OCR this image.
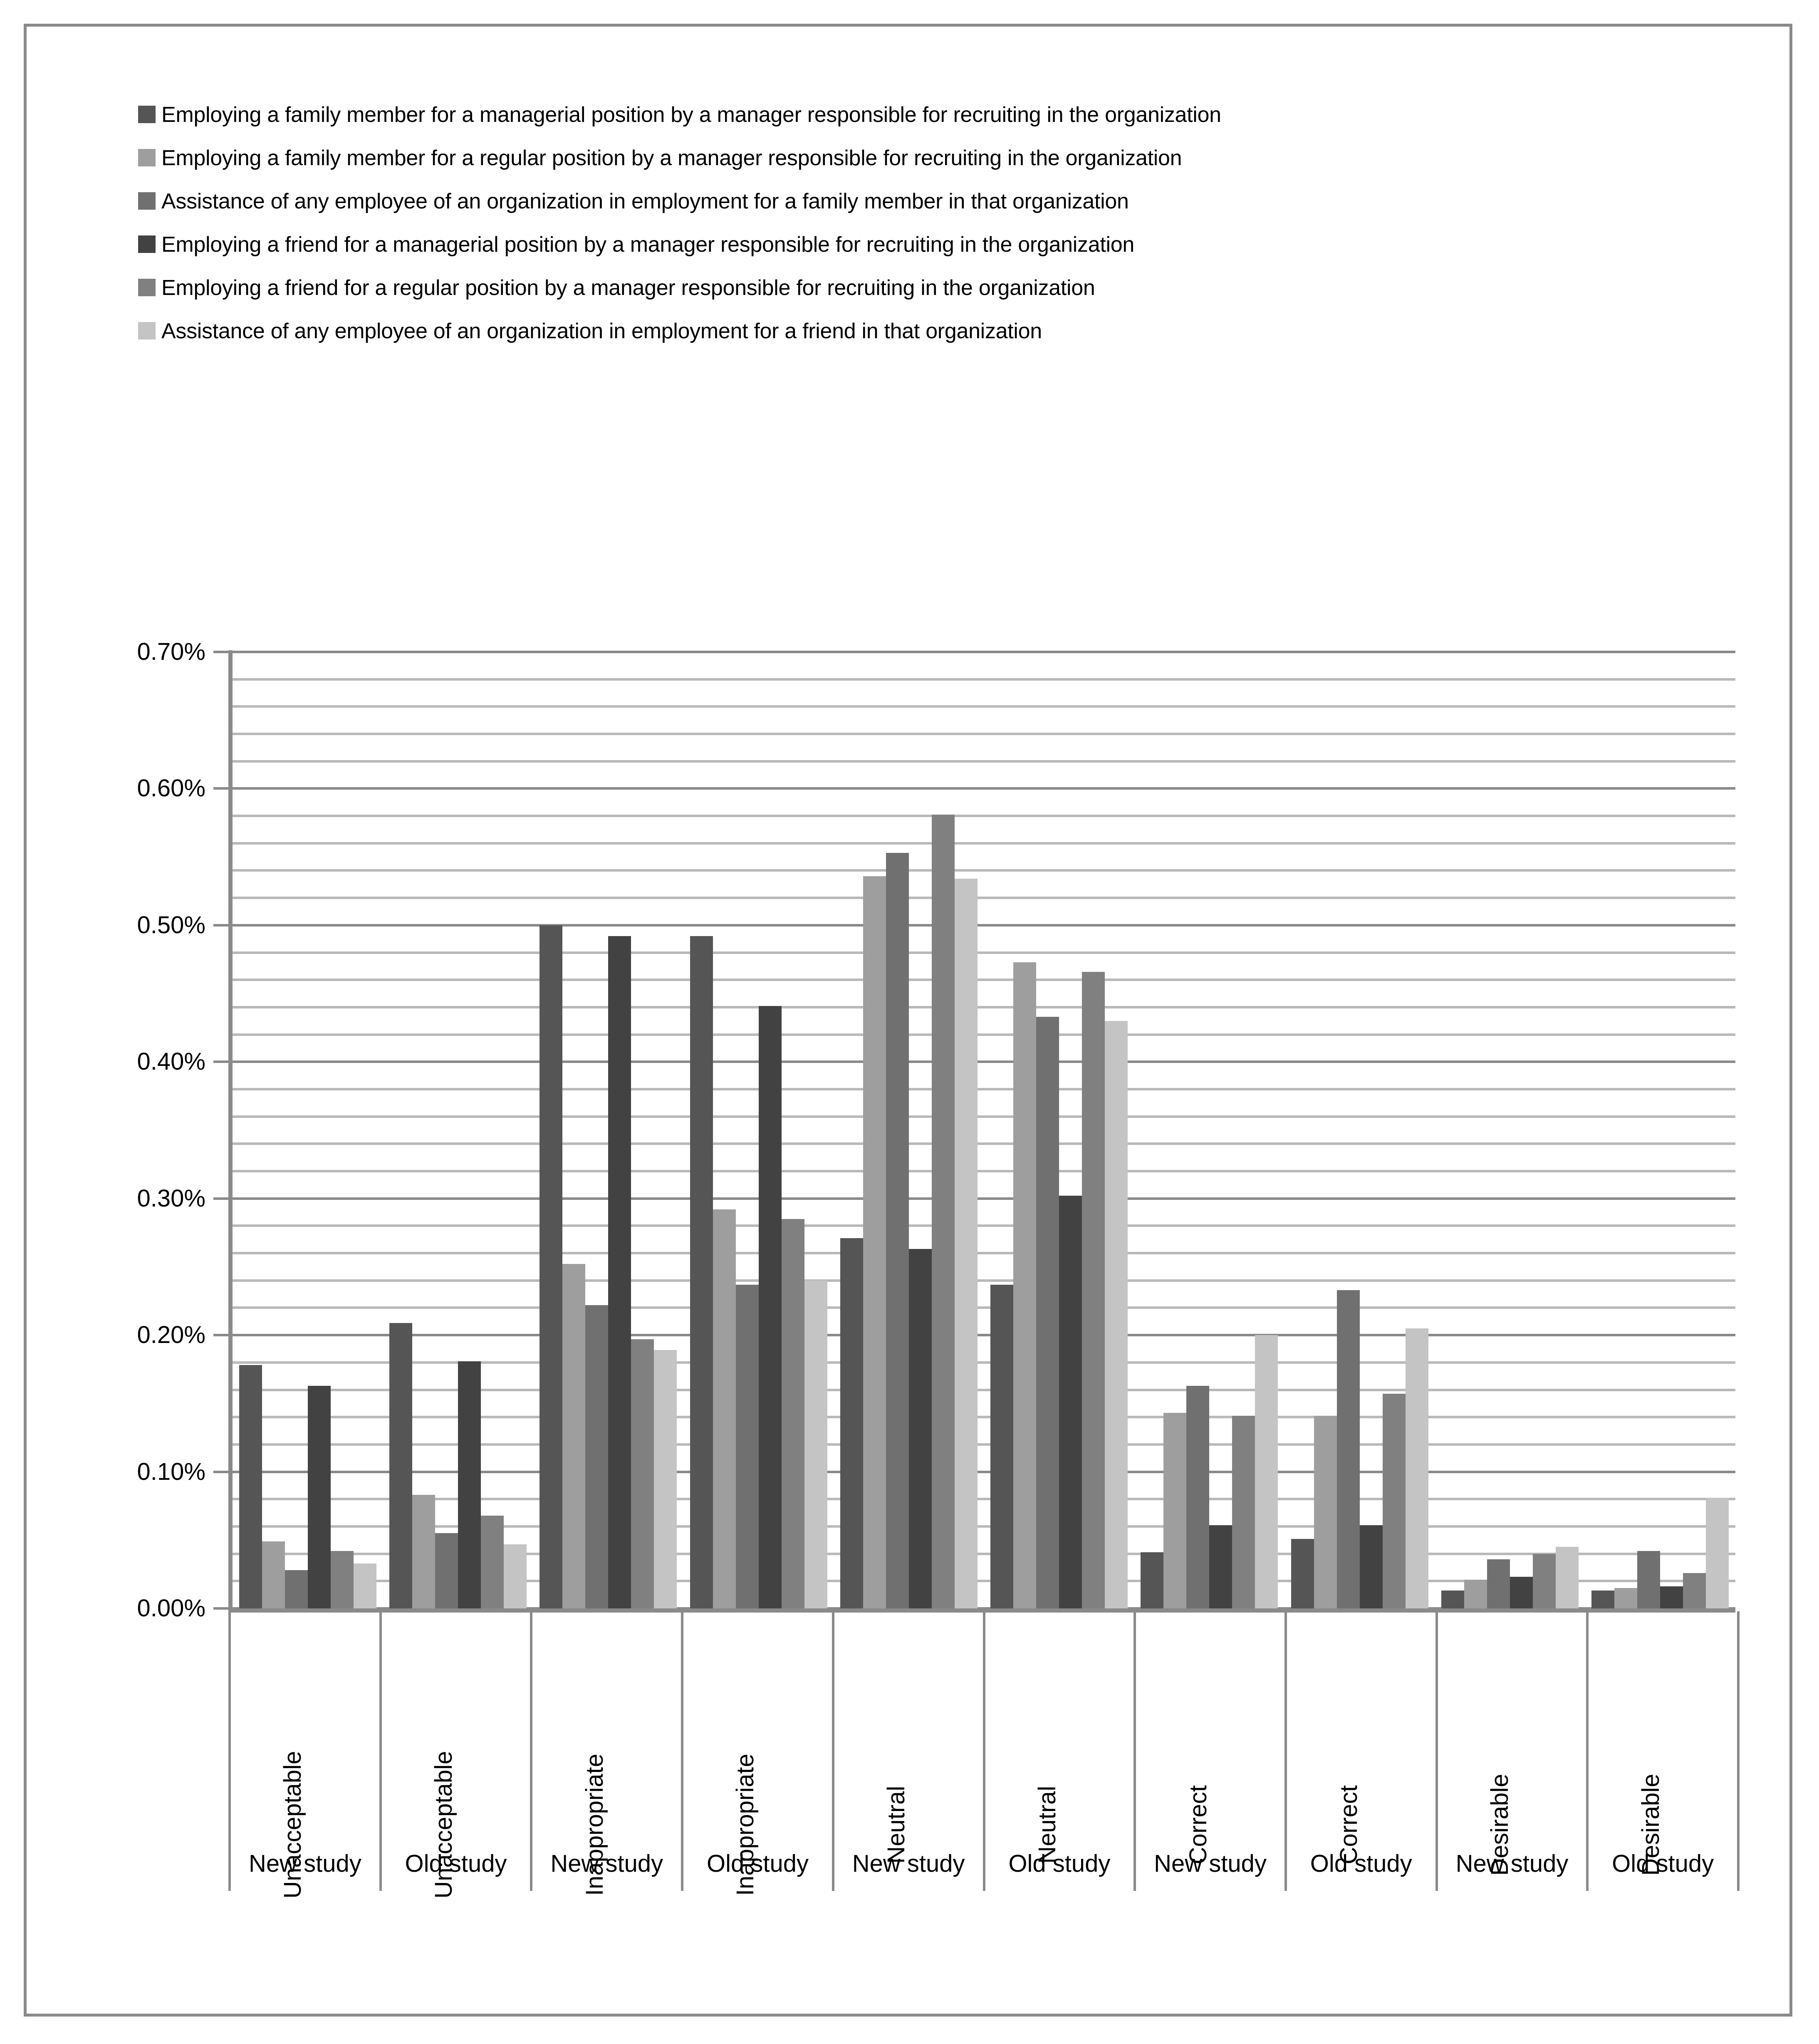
Employing a family member for a managerial position by a manager responsible for recruiting in the organization
Employing a family member for a regular position by a manager responsible for recruiting in the organization
Assistance of any employee of an organization in employment for a family member in that organization
Employing a friend for a managerial position by a manager responsible for recruiting in the organization
Employing a friend for a regular position by a manager responsible for recruiting in the organization
Assistance of any employee of an organization in employment for a friend in that organization
0.00%
0.10%
0.20%
0.30%
0.40%
0.50%
0.60%
0.70%
Unacceptable	Unacceptable	Inappropriate	Inappropriate	Neutral	Neutral	Correct	Correct	Desirable	Desirable
New study	Old study	New study	Old study	New study	Old study	New study	Old study	New study	Old study
